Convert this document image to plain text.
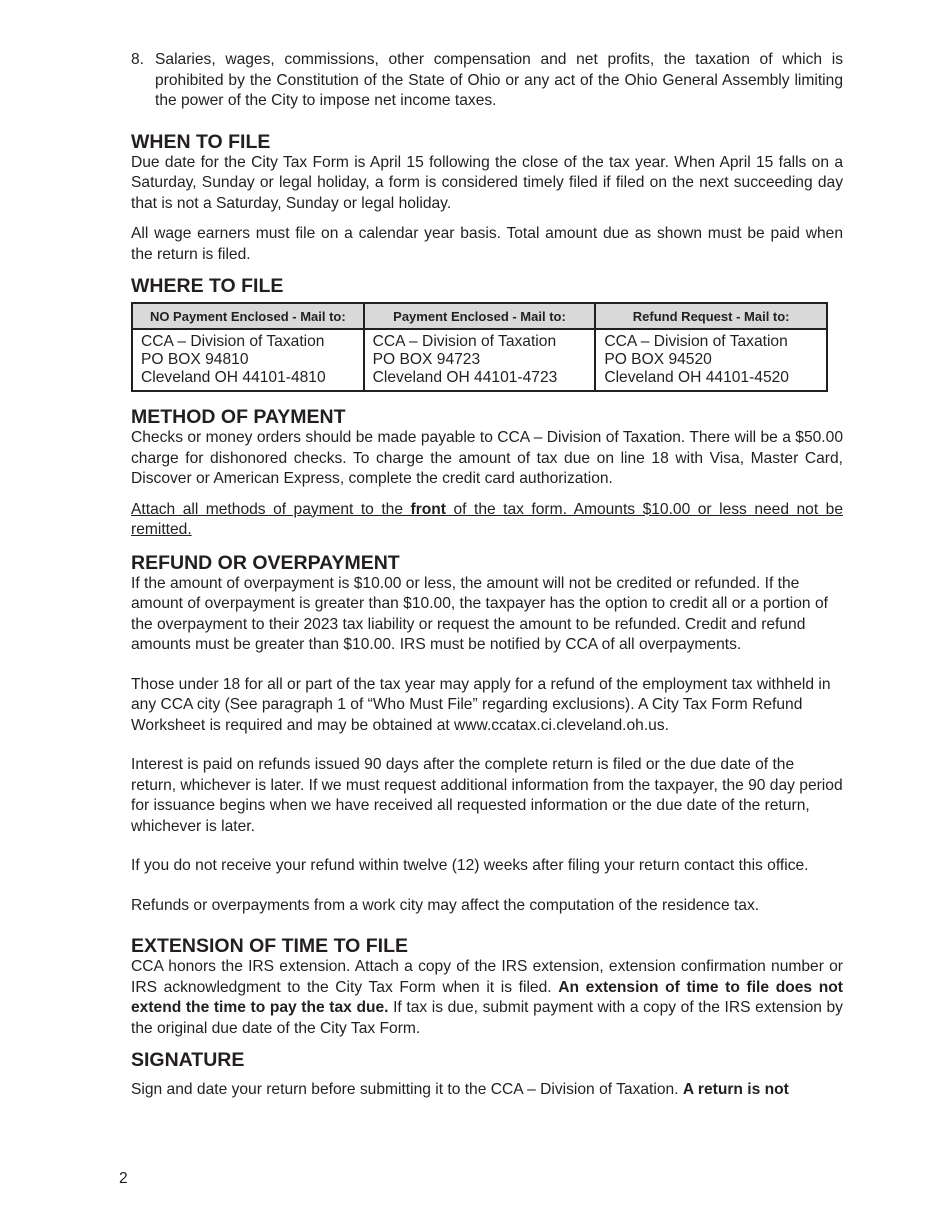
8. Salaries, wages, commissions, other compensation and net profits, the taxation of which is prohibited by the Constitution of the State of Ohio or any act of the Ohio General Assembly limiting the power of the City to impose net income taxes.

WHEN TO FILE

Due date for the City Tax Form is April 15 following the close of the tax year. When April 15 falls on a Saturday, Sunday or legal holiday, a form is considered timely filed if filed on the next succeeding day that is not a Saturday, Sunday or legal holiday.

All wage earners must file on a calendar year basis. Total amount due as shown must be paid when the return is filed.

WHERE TO FILE
NO Payment Enclosed - Mail to:	Payment Enclosed - Mail to:	Refund Request - Mail to:

CCA – Division of Taxation
PO BOX 94810
Cleveland OH 44101-4810	CCA – Division of Taxation
PO BOX 94723
Cleveland OH 44101-4723	CCA – Division of Taxation
PO BOX 94520
Cleveland OH 44101-4520
METHOD OF PAYMENT

Checks or money orders should be made payable to CCA – Division of Taxation. There will be a $50.00 charge for dishonored checks. To charge the amount of tax due on line 18 with Visa, Master Card, Discover or American Express, complete the credit card authorization.

Attach all methods of payment to the front of the tax form. Amounts $10.00 or less need not be remitted.

REFUND OR OVERPAYMENT

If the amount of overpayment is $10.00 or less, the amount will not be credited or refunded. If the amount of overpayment is greater than $10.00, the taxpayer has the option to credit all or a portion of the overpayment to their 2023 tax liability or request the amount to be refunded. Credit and refund amounts must be greater than $10.00. IRS must be notified by CCA of all overpayments.

Those under 18 for all or part of the tax year may apply for a refund of the employment tax withheld in any CCA city (See paragraph 1 of “Who Must File” regarding exclusions). A City Tax Form Refund Worksheet is required and may be obtained at www.ccatax.ci.cleveland.oh.us.

Interest is paid on refunds issued 90 days after the complete return is filed or the due date of the return, whichever is later. If we must request additional information from the taxpayer, the 90 day period for issuance begins when we have received all requested information or the due date of the return, whichever is later.

If you do not receive your refund within twelve (12) weeks after filing your return contact this office.

Refunds or overpayments from a work city may affect the computation of the residence tax.

EXTENSION OF TIME TO FILE

CCA honors the IRS extension. Attach a copy of the IRS extension, extension confirmation number or IRS acknowledgment to the City Tax Form when it is filed. An extension of time to file does not extend the time to pay the tax due. If tax is due, submit payment with a copy of the IRS extension by the original due date of the City Tax Form.

SIGNATURE

Sign and date your return before submitting it to the CCA – Division of Taxation. A return is not

2
